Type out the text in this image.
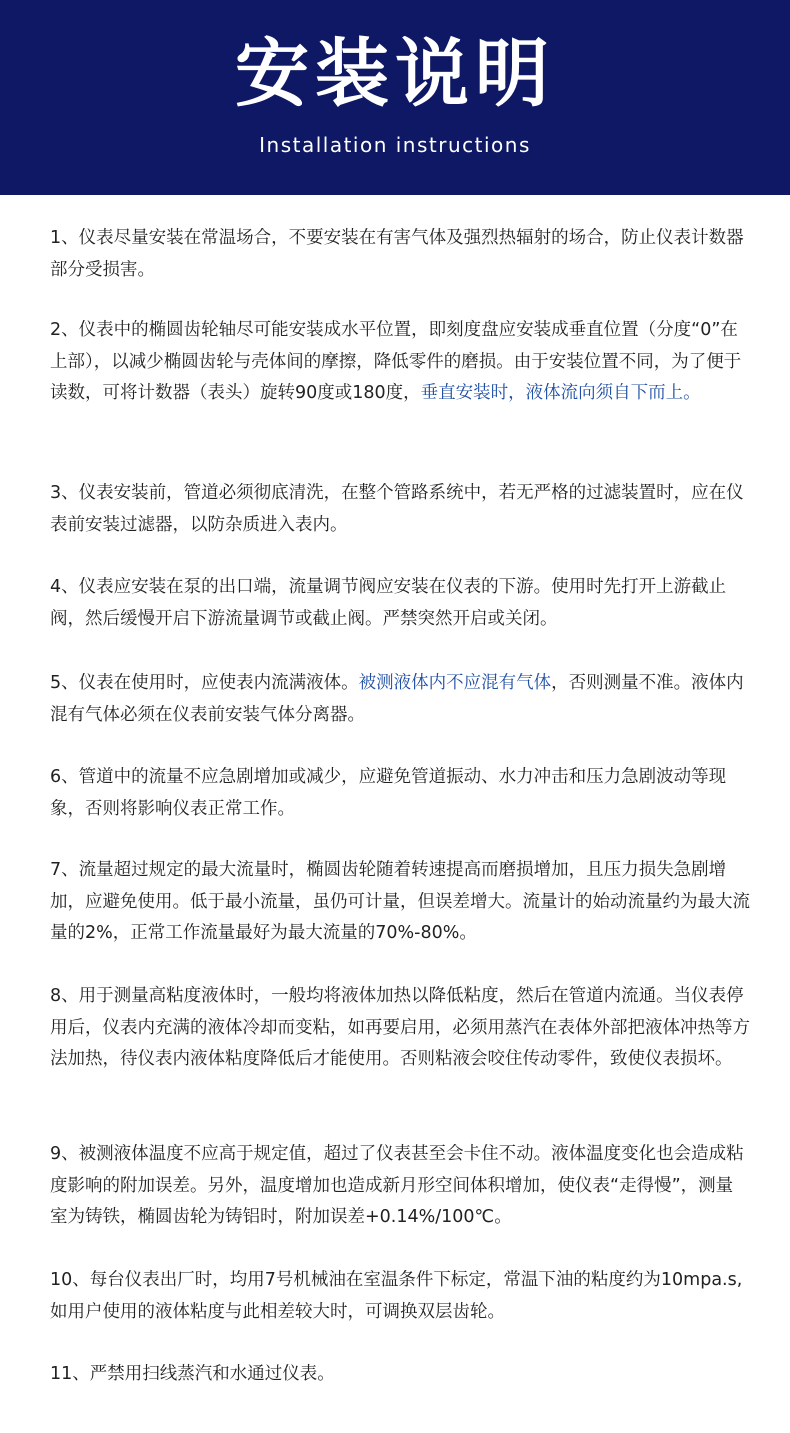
安装说明
Installation instructions

1、仪表尽量安装在常温场合，不要安装在有害气体及强烈热辐射的场合，防止仪表计数器部分受损害。

2、仪表中的椭圆齿轮轴尽可能安装成水平位置，即刻度盘应安装成垂直位置（分度“0”在上部），以减少椭圆齿轮与壳体间的摩擦，降低零件的磨损。由于安装位置不同，为了便于读数，可将计数器（表头）旋转90度或180度，垂直安装时，液体流向须自下而上。

3、仪表安装前，管道必须彻底清洗，在整个管路系统中，若无严格的过滤装置时，应在仪表前安装过滤器，以防杂质进入表内。

4、仪表应安装在泵的出口端，流量调节阀应安装在仪表的下游。使用时先打开上游截止阀，然后缓慢开启下游流量调节或截止阀。严禁突然开启或关闭。

5、仪表在使用时，应使表内流满液体。被测液体内不应混有气体，否则测量不准。液体内混有气体必须在仪表前安装气体分离器。

6、管道中的流量不应急剧增加或减少，应避免管道振动、水力冲击和压力急剧波动等现象，否则将影响仪表正常工作。

7、流量超过规定的最大流量时，椭圆齿轮随着转速提高而磨损增加，且压力损失急剧增加，应避免使用。低于最小流量，虽仍可计量，但误差增大。流量计的始动流量约为最大流量的2%，正常工作流量最好为最大流量的70%-80%。

8、用于测量高粘度液体时，一般均将液体加热以降低粘度，然后在管道内流通。当仪表停用后，仪表内充满的液体冷却而变粘，如再要启用，必须用蒸汽在表体外部把液体冲热等方法加热，待仪表内液体粘度降低后才能使用。否则粘液会咬住传动零件，致使仪表损坏。

9、被测液体温度不应高于规定值，超过了仪表甚至会卡住不动。液体温度变化也会造成粘度影响的附加误差。另外，温度增加也造成新月形空间体积增加，使仪表“走得慢”，测量室为铸铁，椭圆齿轮为铸铝时，附加误差+0.14%/100℃。

10、每台仪表出厂时，均用7号机械油在室温条件下标定，常温下油的粘度约为10mpa.s,如用户使用的液体粘度与此相差较大时，可调换双层齿轮。

11、严禁用扫线蒸汽和水通过仪表。
